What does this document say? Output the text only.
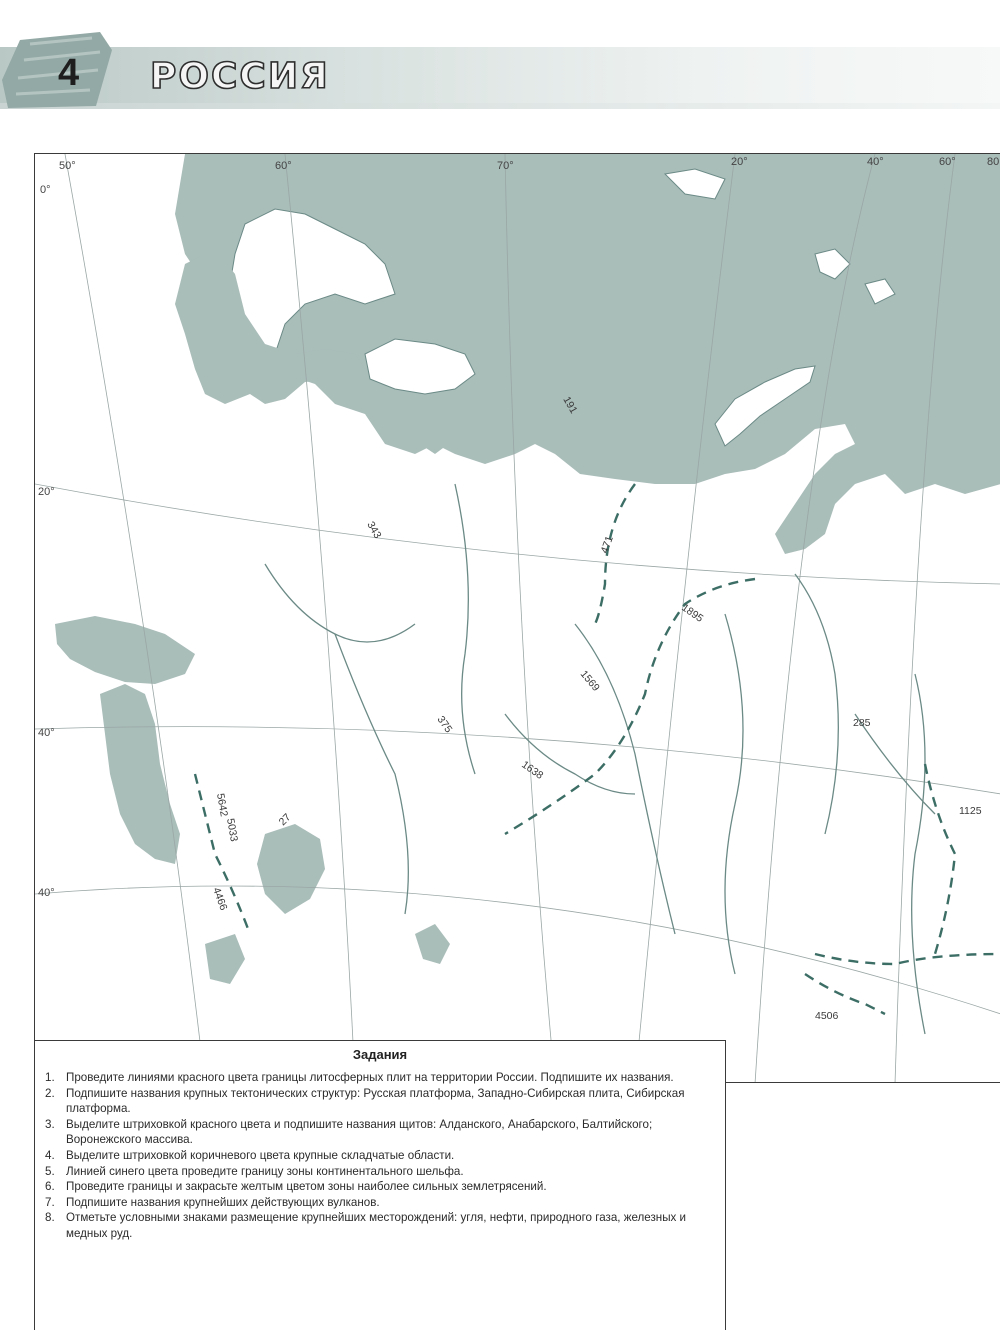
4 РОССИЯ
191
343
471
1895
1569
375
1638
285
1125
5642
5033	27
4466
4506
50°	60°	70°	20°	40°	60°	80
0°
20°
40°
40°
Задания
1. Проведите линиями красного цвета границы литосферных плит на территории России. Подпишите их названия.
2. Подпишите названия крупных тектонических структур: Русская платформа, Западно-Сибирская плита, Сибирская платформа.
3. Выделите штриховкой красного цвета и подпишите названия щитов: Алданского, Анабарского, Балтийского; Воронежского массива.
4. Выделите штриховкой коричневого цвета крупные складчатые области.
5. Линией синего цвета проведите границу зоны континентального шельфа.
6. Проведите границы и закрасьте желтым цветом зоны наиболее сильных землетрясений.
7. Подпишите названия крупнейших действующих вулканов.
8. Отметьте условными знаками размещение крупнейших месторождений: угля, нефти, природного газа, железных и медных руд.
